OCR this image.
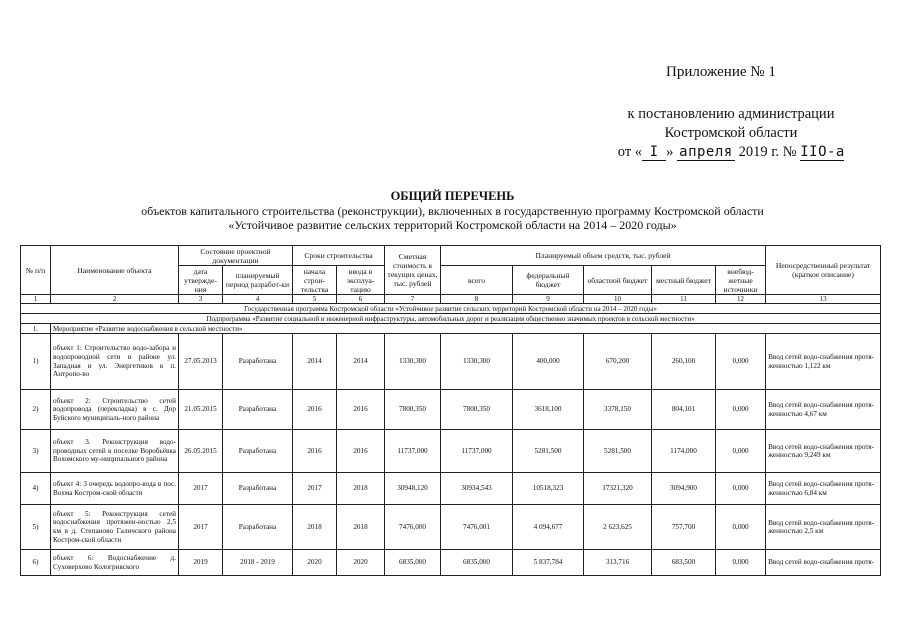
Приложение № 1
к постановлению администрации
Костромской области
от « I » апреля 2019 г. № IIO-а
ОБЩИЙ ПЕРЕЧЕНЬ
объектов капитального строительства (реконструкции), включенных в государственную программу Костромской области
«Устойчивое развитие сельских территорий Костромской области на 2014 – 2020 годы»
№ п/п	Наименование объекта	Состояние проектной документации		Сроки строительства		Сметная стоимость в текущих ценах, тыс. рублей	Планируемый объем средств, тыс. рублей					Непосредственный результат (краткое описание)
		дата утвержде-ния	планируемый период разработ-ки	начала строи-тельства	ввода в эксплуа-тацию		всего	федеральный бюджет	областной бюджет	местный бюджет	внебюд-жетные источники	
1	2	3	4	5	6	7	8	9	10	11	12	13
Государственная программа Костромской области «Устойчивое развитие сельских территорий Костромской области на 2014 – 2020 годы»												
Подпрограмма «Развитие социальной и инженерной инфраструктуры, автомобильных дорог и реализация общественно значимых проектов в сельской местности»												
1.	Мероприятие «Развитие водоснабжения в сельской местности»											
1)	объект 1: Строительство водо-забора и водопроводной сети в районе ул. Западная и ул. Энергетиков в п. Антропо-во	27.05.2013	Разработана	2014	2014	1330,300	1330,300	400,000	670,200	260,100	0,000	Ввод сетей водо-снабжения протя-женностью 1,122 км
2)	объект 2: Строительство сетей водопровода (перекладка) в с. Дор Буйского муниципаль-ного района	21.05.2015	Разработана	2016	2016	7800,350	7800,350	3618,100	3378,150	804,101	0,000	Ввод сетей водо-снабжения протя-женностью 4,67 км
3)	объект 3. Реконструкция водо-проводных сетей в поселке Воробьёвка Вохомского му-ниципального района	26.05.2015	Разработана	2016	2016	11737,000	11737,000	5281,500	5281,500	1174,000	0,000	Ввод сетей водо-снабжения протя-женностью 9,249 км
4)	объект 4: 3 очередь водопро-вода в пос. Вохма Костром-ской области	2017	Разработана	2017	2018	30948,120	30934,543	10518,323	17321,320	3094,900	0,000	Ввод сетей водо-снабжения протя-женностью 6,84 км
5)	объект 5: Реконструкция сетей водоснабжения протяжен-ностью 2,5 км в д. Степаново Галичского района Костром-ской области	2017	Разработана	2018	2018	7476,000	7476,001	4 094,677	2 623,625	757,700	0,000	Ввод сетей водо-снабжения протя-женностью 2,5 км
6)	объект 6: Водоснабжение д. Суховерхово Кологривского	2019	2018 - 2019	2020	2020	6835,000	6835,000	5 837,784	313,716	683,500	0,000	Ввод сетей водо-снабжения протя-
